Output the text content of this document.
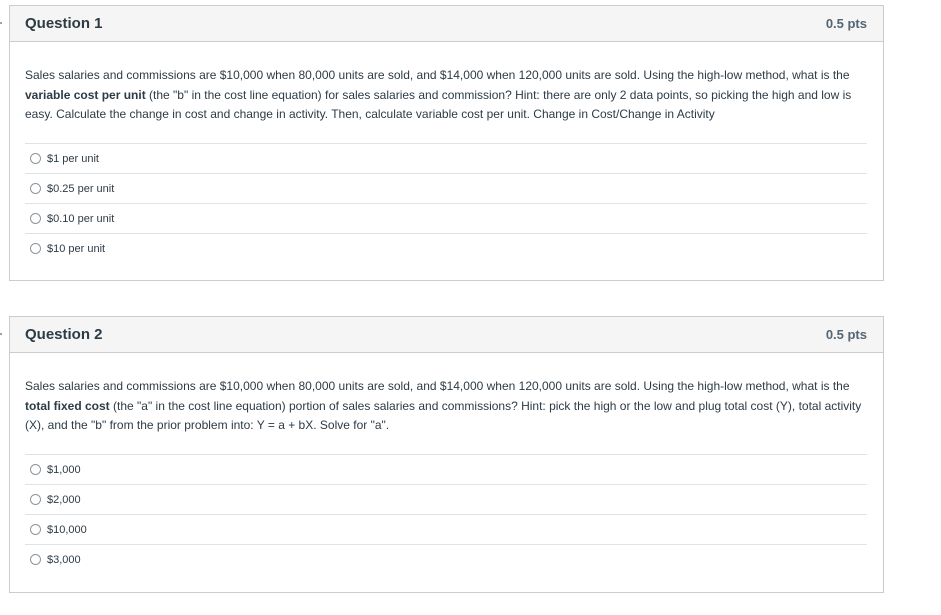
Question 1	0.5 pts
Sales salaries and commissions are $10,000 when 80,000 units are sold, and $14,000 when 120,000 units are sold. Using the high-low method, what is the variable cost per unit (the "b" in the cost line equation) for sales salaries and commission? Hint: there are only 2 data points, so picking the high and low is easy. Calculate the change in cost and change in activity. Then, calculate variable cost per unit. Change in Cost/Change in Activity
$1 per unit
$0.25 per unit
$0.10 per unit
$10 per unit
Question 2	0.5 pts
Sales salaries and commissions are $10,000 when 80,000 units are sold, and $14,000 when 120,000 units are sold. Using the high-low method, what is the total fixed cost (the "a" in the cost line equation) portion of sales salaries and commissions? Hint: pick the high or the low and plug total cost (Y), total activity (X), and the "b" from the prior problem into: Y = a + bX. Solve for "a".
$1,000
$2,000
$10,000
$3,000
